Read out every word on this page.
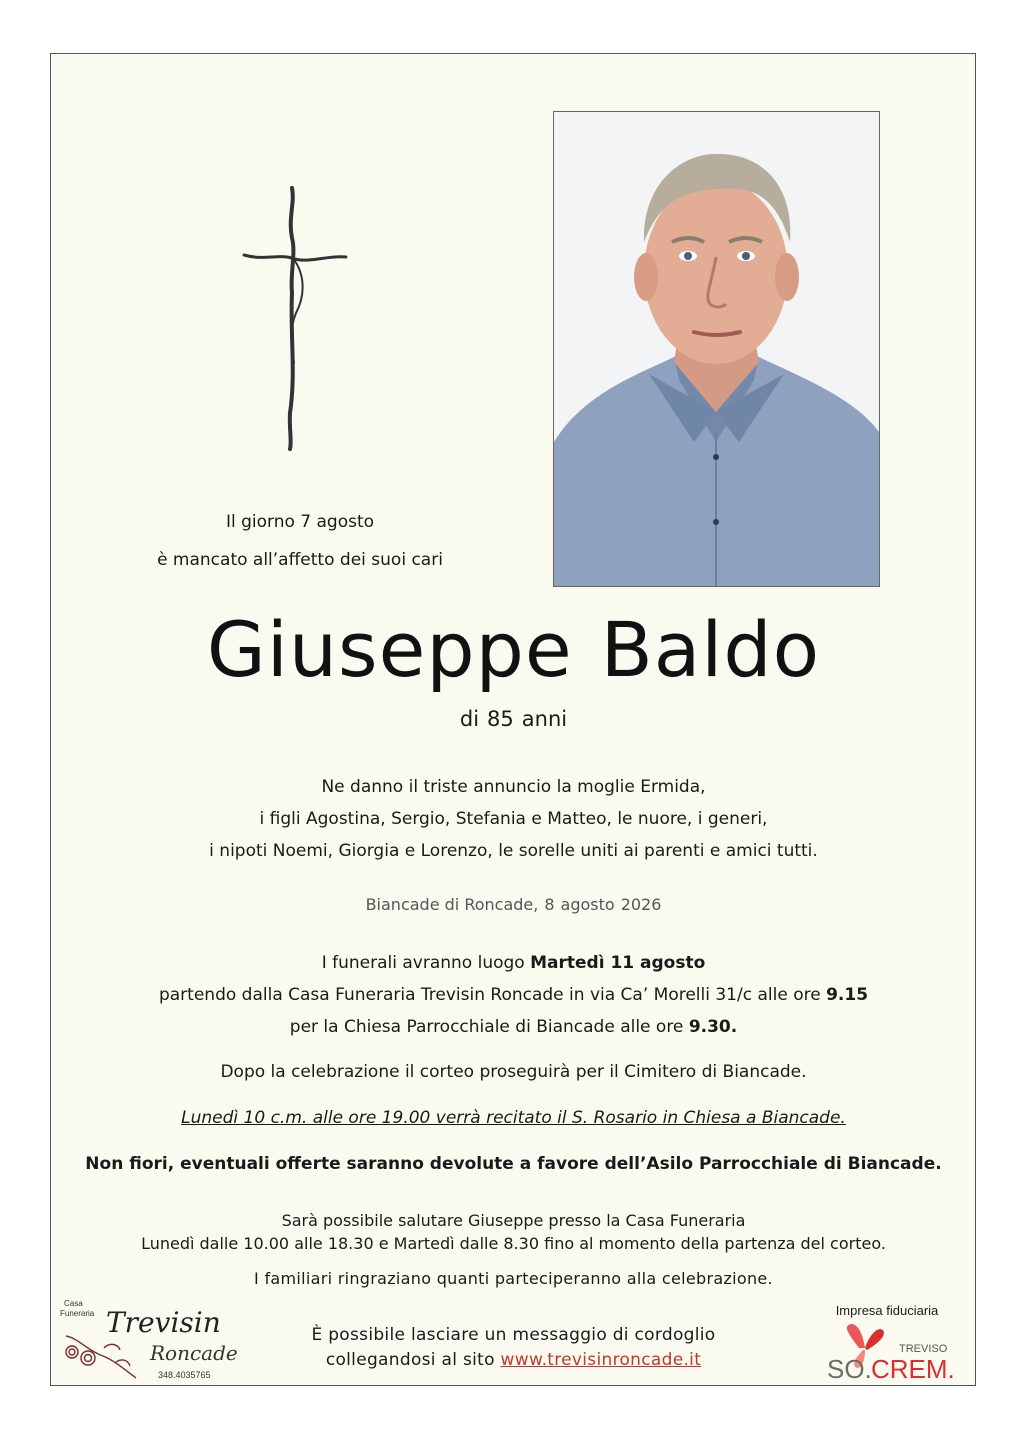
Il giorno 7 agosto
è mancato all’affetto dei suoi cari
Giuseppe Baldo
di 85 anni
Ne danno il triste annuncio la moglie Ermida,
i figli Agostina, Sergio, Stefania e Matteo, le nuore, i generi,
i nipoti Noemi, Giorgia e Lorenzo, le sorelle uniti ai parenti e amici tutti.
Biancade di Roncade, 8 agosto 2026
I funerali avranno luogo Martedì 11 agosto
partendo dalla Casa Funeraria Trevisin Roncade in via Ca’ Morelli 31/c alle ore 9.15
per la Chiesa Parrocchiale di Biancade alle ore 9.30.
Dopo la celebrazione il corteo proseguirà per il Cimitero di Biancade.
Lunedì 10 c.m. alle ore 19.00 verrà recitato il S. Rosario in Chiesa a Biancade.
Non fiori, eventuali offerte saranno devolute a favore dell’Asilo Parrocchiale di Biancade.
Sarà possibile salutare Giuseppe presso la Casa Funeraria
Lunedì dalle 10.00 alle 18.30 e Martedì dalle 8.30 fino al momento della partenza del corteo.
I familiari ringraziano quanti parteciperanno alla celebrazione.
È possibile lasciare un messaggio di cordoglio
collegandosi al sito www.trevisinroncade.it
Casa
Funeraria Trevisin
Roncade
348.4035765
Impresa fiduciaria
TREVISO
SO. CREM.
